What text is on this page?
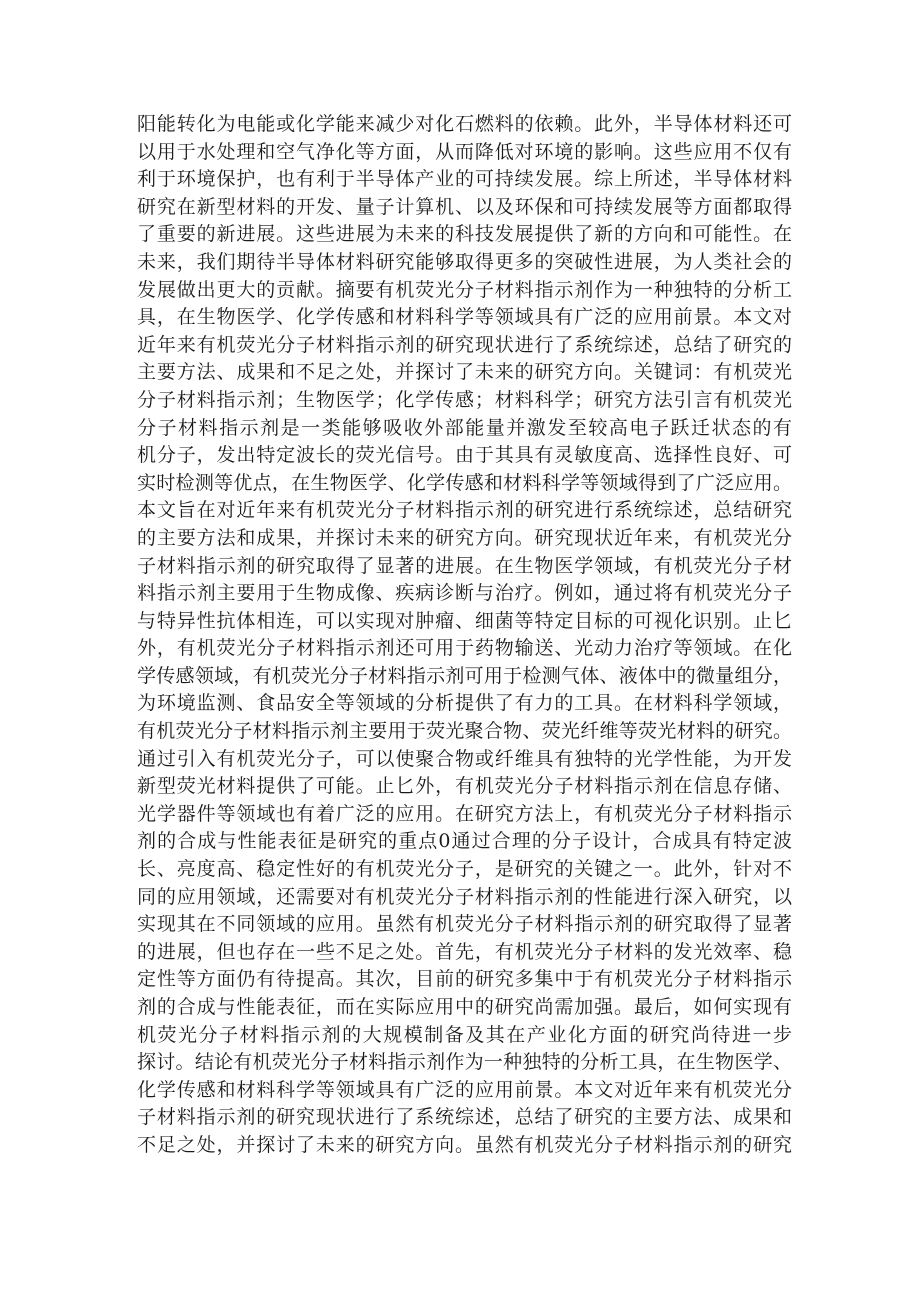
阳能转化为电能或化学能来减少对化石燃料的依赖。此外，半导体材料还可
以用于水处理和空气净化等方面，从而降低对环境的影响。这些应用不仅有
利于环境保护，也有利于半导体产业的可持续发展。综上所述，半导体材料
研究在新型材料的开发、量子计算机、以及环保和可持续发展等方面都取得
了重要的新进展。这些进展为未来的科技发展提供了新的方向和可能性。在
未来，我们期待半导体材料研究能够取得更多的突破性进展，为人类社会的
发展做出更大的贡献。摘要有机荧光分子材料指示剂作为一种独特的分析工
具，在生物医学、化学传感和材料科学等领域具有广泛的应用前景。本文对
近年来有机荧光分子材料指示剂的研究现状进行了系统综述，总结了研究的
主要方法、成果和不足之处，并探讨了未来的研究方向。关键词：有机荧光
分子材料指示剂；生物医学；化学传感；材料科学；研究方法引言有机荧光
分子材料指示剂是一类能够吸收外部能量并激发至较高电子跃迁状态的有
机分子，发出特定波长的荧光信号。由于其具有灵敏度高、选择性良好、可
实时检测等优点，在生物医学、化学传感和材料科学等领域得到了广泛应用。
本文旨在对近年来有机荧光分子材料指示剂的研究进行系统综述，总结研究
的主要方法和成果，并探讨未来的研究方向。研究现状近年来，有机荧光分
子材料指示剂的研究取得了显著的进展。在生物医学领域，有机荧光分子材
料指示剂主要用于生物成像、疾病诊断与治疗。例如，通过将有机荧光分子
与特异性抗体相连，可以实现对肿瘤、细菌等特定目标的可视化识别。止匕
外，有机荧光分子材料指示剂还可用于药物输送、光动力治疗等领域。在化
学传感领域，有机荧光分子材料指示剂可用于检测气体、液体中的微量组分，
为环境监测、食品安全等领域的分析提供了有力的工具。在材料科学领域，
有机荧光分子材料指示剂主要用于荧光聚合物、荧光纤维等荧光材料的研究。
通过引入有机荧光分子，可以使聚合物或纤维具有独特的光学性能，为开发
新型荧光材料提供了可能。止匕外，有机荧光分子材料指示剂在信息存储、
光学器件等领域也有着广泛的应用。在研究方法上，有机荧光分子材料指示
剂的合成与性能表征是研究的重点0通过合理的分子设计，合成具有特定波
长、亮度高、稳定性好的有机荧光分子，是研究的关键之一。此外，针对不
同的应用领域，还需要对有机荧光分子材料指示剂的性能进行深入研究，以
实现其在不同领域的应用。虽然有机荧光分子材料指示剂的研究取得了显著
的进展，但也存在一些不足之处。首先，有机荧光分子材料的发光效率、稳
定性等方面仍有待提高。其次，目前的研究多集中于有机荧光分子材料指示
剂的合成与性能表征，而在实际应用中的研究尚需加强。最后，如何实现有
机荧光分子材料指示剂的大规模制备及其在产业化方面的研究尚待进一步
探讨。结论有机荧光分子材料指示剂作为一种独特的分析工具，在生物医学、
化学传感和材料科学等领域具有广泛的应用前景。本文对近年来有机荧光分
子材料指示剂的研究现状进行了系统综述，总结了研究的主要方法、成果和
不足之处，并探讨了未来的研究方向。虽然有机荧光分子材料指示剂的研究
